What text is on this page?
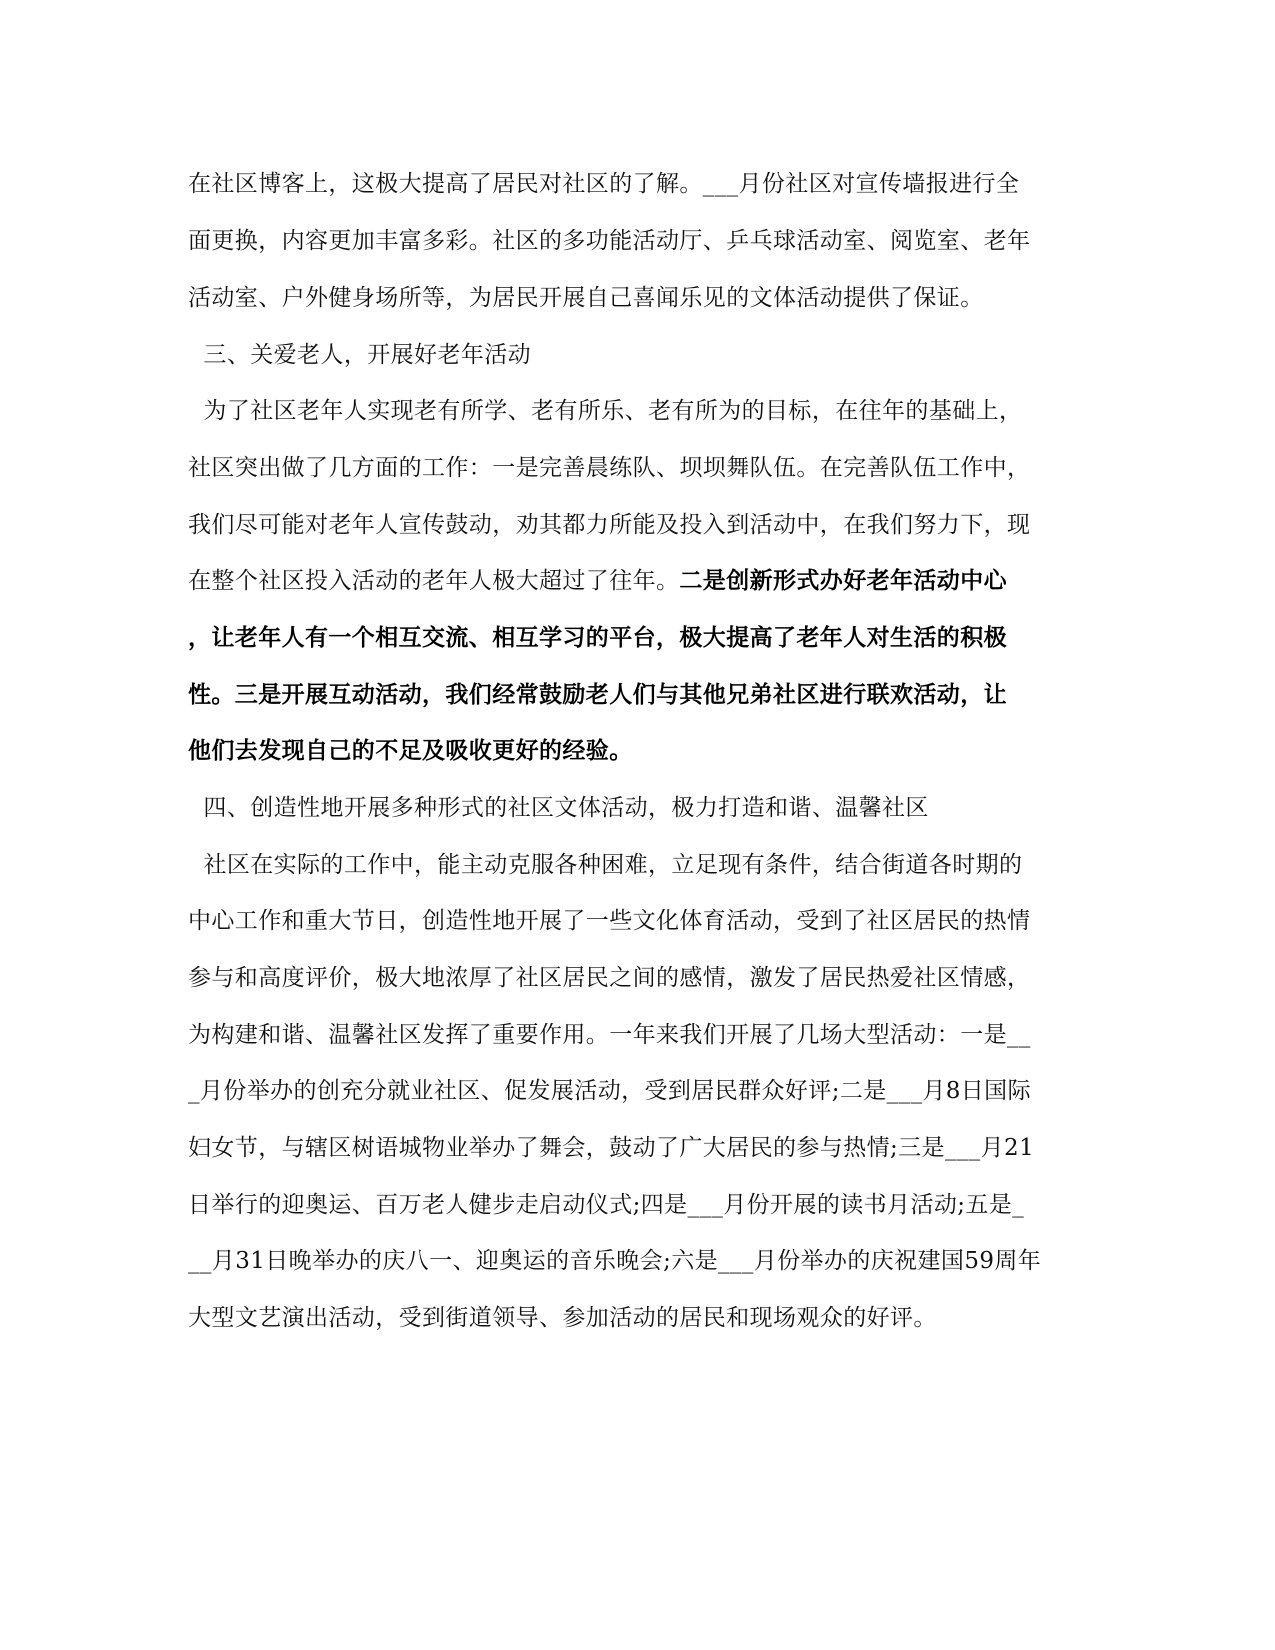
在社区博客上，这极大提高了居民对社区的了解。___月份社区对宣传墙报进行全
面更换，内容更加丰富多彩。社区的多功能活动厅、乒乓球活动室、阅览室、老年
活动室、户外健身场所等，为居民开展自己喜闻乐见的文体活动提供了保证。
三、关爱老人，开展好老年活动
为了社区老年人实现老有所学、老有所乐、老有所为的目标，在往年的基础上，
社区突出做了几方面的工作：一是完善晨练队、坝坝舞队伍。在完善队伍工作中，
我们尽可能对老年人宣传鼓动，劝其都力所能及投入到活动中，在我们努力下，现
在整个社区投入活动的老年人极大超过了往年。二是创新形式办好老年活动中心
，让老年人有一个相互交流、相互学习的平台，极大提高了老年人对生活的积极
性。三是开展互动活动，我们经常鼓励老人们与其他兄弟社区进行联欢活动，让
他们去发现自己的不足及吸收更好的经验。
四、创造性地开展多种形式的社区文体活动，极力打造和谐、温馨社区
社区在实际的工作中，能主动克服各种困难，立足现有条件，结合街道各时期的
中心工作和重大节日，创造性地开展了一些文化体育活动，受到了社区居民的热情
参与和高度评价，极大地浓厚了社区居民之间的感情，激发了居民热爱社区情感，
为构建和谐、温馨社区发挥了重要作用。一年来我们开展了几场大型活动：一是__
_月份举办的创充分就业社区、促发展活动，受到居民群众好评;二是___月8日国际
妇女节，与辖区树语城物业举办了舞会，鼓动了广大居民的参与热情;三是___月21
日举行的迎奥运、百万老人健步走启动仪式;四是___月份开展的读书月活动;五是_
__月31日晚举办的庆八一、迎奥运的音乐晚会;六是___月份举办的庆祝建国59周年
大型文艺演出活动，受到街道领导、参加活动的居民和现场观众的好评。
